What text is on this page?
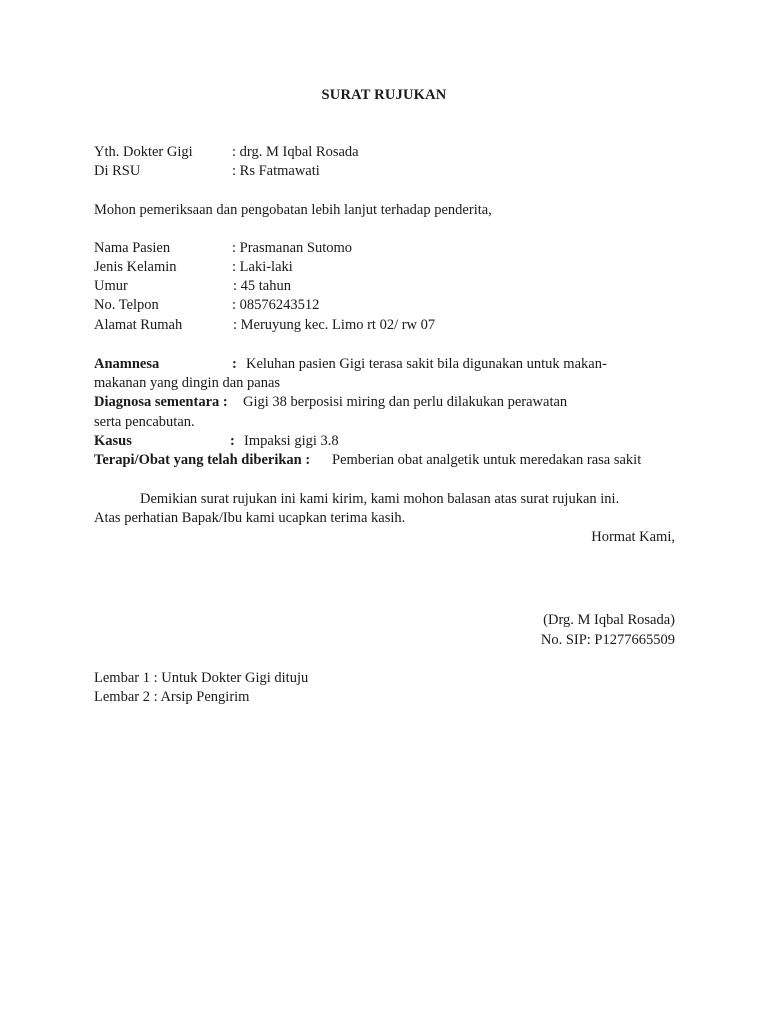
SURAT RUJUKAN
Yth. Dokter Gigi	: drg. M Iqbal Rosada
Di RSU	: Rs Fatmawati
Mohon pemeriksaan dan pengobatan lebih lanjut terhadap penderita,
Nama Pasien	: Prasmanan Sutomo
Jenis Kelamin	: Laki-laki
Umur	: 45 tahun
No. Telpon	: 08576243512
Alamat Rumah	: Meruyung kec. Limo rt 02/ rw 07
Anamnesa	: Keluhan pasien Gigi terasa sakit bila digunakan untuk makan-
makanan yang dingin dan panas
Diagnosa sementara : Gigi 38 berposisi miring dan perlu dilakukan perawatan
serta pencabutan.
Kasus	: Impaksi gigi 3.8
Terapi/Obat yang telah diberikan : Pemberian obat analgetik untuk meredakan rasa sakit
Demikian surat rujukan ini kami kirim, kami mohon balasan atas surat rujukan ini.
Atas perhatian Bapak/Ibu kami ucapkan terima kasih.
Hormat Kami,
(Drg. M Iqbal Rosada)
No. SIP: P1277665509
Lembar 1 : Untuk Dokter Gigi dituju
Lembar 2 : Arsip Pengirim
